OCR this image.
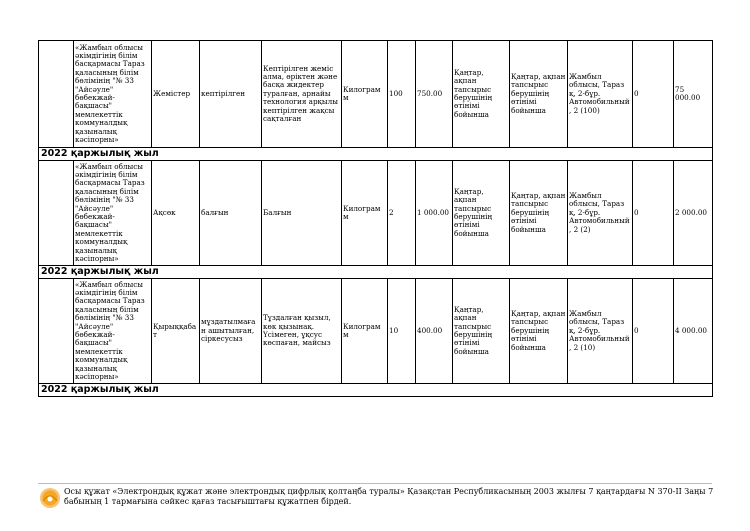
	«Жамбыл облысы әкімдігінің білім басқармасы Тараз қаласының білім бөлімінің "№ 33 "Айсәуле" бөбекжай-бақшасы" мемлекеттік коммуналдық қазыналық кәсіпорны»	Жемістер	кептірілген	Кептірілген жеміс алма, өріктен және басқа жидектер туралған, арнайы технология арқылы кептірілген жақсы сақталған	Килограмм	100	750.00	Қаңтар, ақпан тапсырыс берушінің өтінімі бойынша	Қаңтар, ақпан тапсырыс берушінің өтінімі бойынша	Жамбыл облысы, Тараз қ, 2-бұр. Автомобильный, 2 (100)	0	75 000.00
2022 қаржылық жыл												
	«Жамбыл облысы әкімдігінің білім басқармасы Тараз қаласының білім бөлімінің "№ 33 "Айсәуле" бөбекжай-бақшасы" мемлекеттік коммуналдық қазыналық кәсіпорны»	Ақсөк	балғын	Балғын	Килограмм	2	1 000.00	Қаңтар, ақпан тапсырыс берушінің өтінімі бойынша	Қаңтар, ақпан тапсырыс берушінің өтінімі бойынша	Жамбыл облысы, Тараз қ, 2-бұр. Автомобильный, 2 (2)	0	2 000.00
2022 қаржылық жыл												
	«Жамбыл облысы әкімдігінің білім басқармасы Тараз қаласының білім бөлімінің "№ 33 "Айсәуле" бөбекжай-бақшасы" мемлекеттік коммуналдық қазыналық кәсіпорны»	Қырыққабат	мұздатылмаған ашытылған, сіркесусыз	Тұздалған қызыл, көк қызынақ. Үсімеген, ұқсус көспаған, майсыз	Килограмм	10	400.00	Қаңтар, ақпан тапсырыс берушінің өтінімі бойынша	Қаңтар, ақпан тапсырыс берушінің өтінімі бойынша	Жамбыл облысы, Тараз қ, 2-бұр. Автомобильный, 2 (10)	0	4 000.00
2022 қаржылық жыл												
Осы құжат «Электрондық құжат және электрондық цифрлық қолтаңба туралы» Қазақстан Республикасының 2003 жылғы 7 қаңтардағы N 370-II Заңы 7 бабының 1 тармағына сәйкес қағаз тасығыштағы құжатпен бірдей.
